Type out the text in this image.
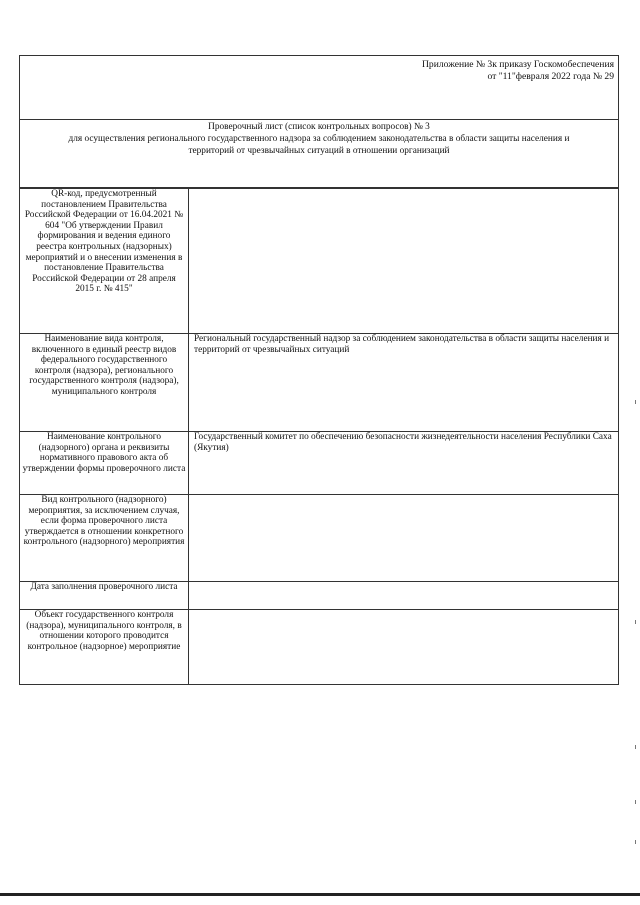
Приложение № 3к приказу Госкомобеспечения
от "11"февраля 2022 года № 29
Проверочный лист (список контрольных вопросов) № 3
для осуществления регионального государственного надзора за соблюдением законодательства в области защиты населения и
территорий от чрезвычайных ситуаций в отношении организаций
QR-код, предусмотренный постановлением Правительства Российской Федерации от 16.04.2021 № 604 "Об утверждении Правил формирования и ведения единого реестра контрольных (надзорных) мероприятий и о внесении изменения в постановление Правительства Российской Федерации от 28 апреля 2015 г. № 415"	
Наименование вида контроля, включенного в единый реестр видов федерального государственного контроля (надзора), регионального государственного контроля (надзора), муниципального контроля	Региональный государственный надзор за соблюдением законодательства в области защиты населения и территорий от чрезвычайных ситуаций
Наименование контрольного (надзорного) органа и реквизиты нормативного правового акта об утверждении формы проверочного листа	Государственный комитет по обеспечению безопасности жизнедеятельности населения Республики Саха (Якутия)
Вид контрольного (надзорного) мероприятия, за исключением случая, если форма проверочного листа утверждается в отношении конкретного контрольного (надзорного) мероприятия	
Дата заполнения проверочного листа	
Объект государственного контроля (надзора), муниципального контроля, в отношении которого проводится контрольное (надзорное) мероприятие	
